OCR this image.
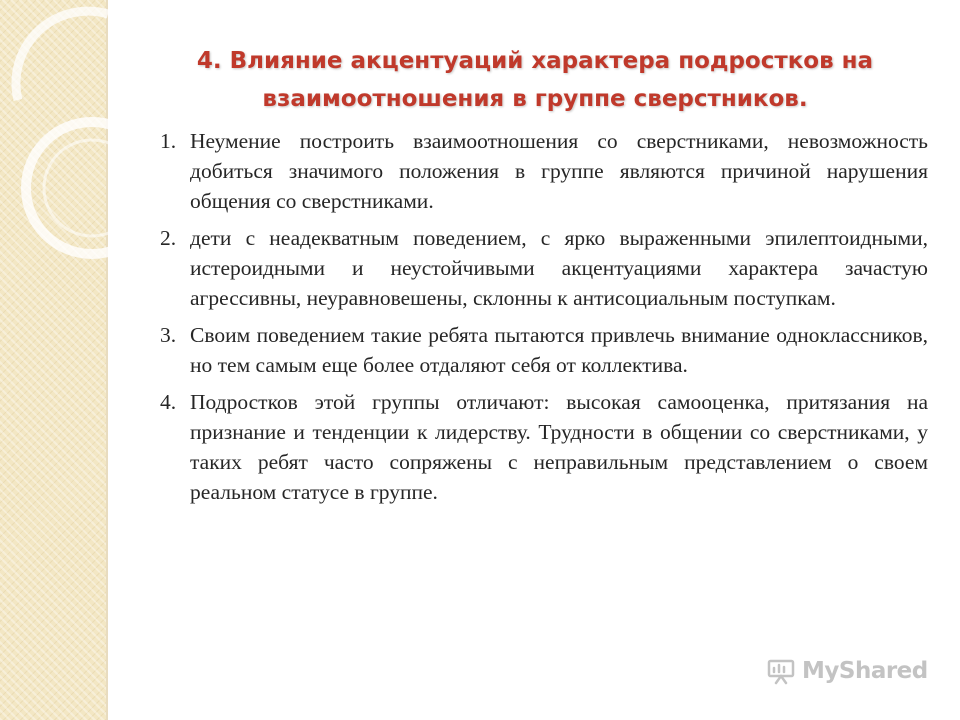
4. Влияние акцентуаций характера подростков на взаимоотношения в группе сверстников.
1. Неумение построить взаимоотношения со сверстниками, невозможность добиться значимого положения в группе являются причиной нарушения общения со сверстниками.
2. дети с неадекватным поведением, с ярко выраженными эпилептоидными, истероидными и неустойчивыми акцентуациями характера зачастую агрессивны, неуравновешены, склонны к антисоциальным поступкам.
3. Своим поведением такие ребята пытаются привлечь внимание одноклассников, но тем самым еще более отдаляют себя от коллектива.
4. Подростков этой группы отличают: высокая самооценка, притязания на признание и тенденции к лидерству. Трудности в общении со сверстниками, у таких ребят часто сопряжены с неправильным представлением о своем реальном статусе в группе.
MyShared
